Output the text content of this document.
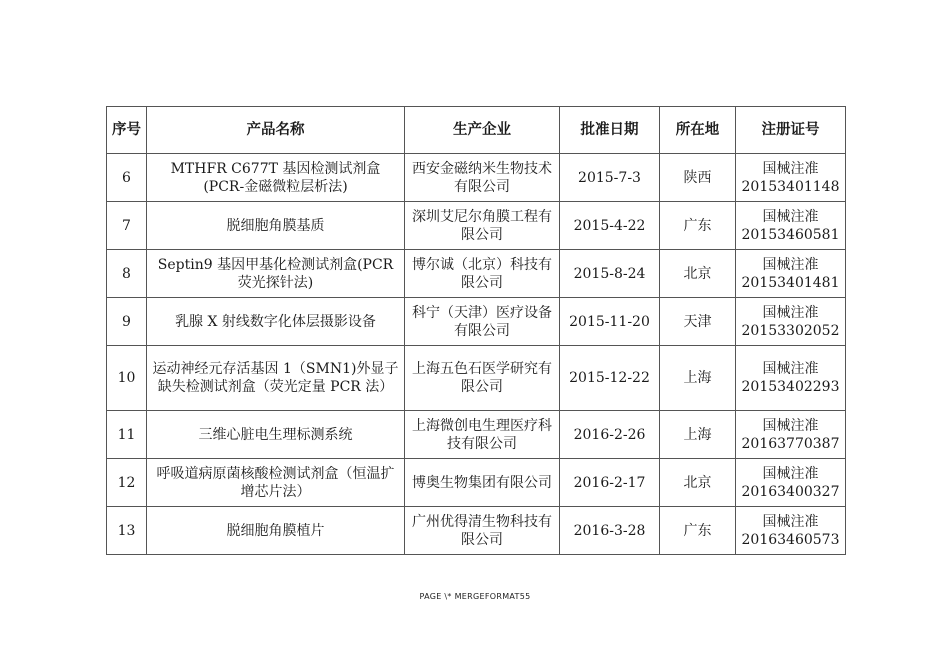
序号	产品名称	生产企业	批准日期	所在地	注册证号
6	MTHFR C677T 基因检测试剂盒(PCR-金磁微粒层析法)	西安金磁纳米生物技术有限公司	2015-7-3	陕西	国械注准 20153401148
7	脱细胞角膜基质	深圳艾尼尔角膜工程有限公司	2015-4-22	广东	国械注准 20153460581
8	Septin9 基因甲基化检测试剂盒(PCR 荧光探针法)	博尔诚（北京）科技有限公司	2015-8-24	北京	国械注准 20153401481
9	乳腺 X 射线数字化体层摄影设备	科宁（天津）医疗设备有限公司	2015-11-20	天津	国械注准 20153302052
10	运动神经元存活基因 1（SMN1)外显子缺失检测试剂盒（荧光定量 PCR 法）	上海五色石医学研究有限公司	2015-12-22	上海	国械注准 20153402293
11	三维心脏电生理标测系统	上海微创电生理医疗科技有限公司	2016-2-26	上海	国械注准 20163770387
12	呼吸道病原菌核酸检测试剂盒（恒温扩增芯片法）	博奥生物集团有限公司	2016-2-17	北京	国械注准 20163400327
13	脱细胞角膜植片	广州优得清生物科技有限公司	2016-3-28	广东	国械注准 20163460573
PAGE \* MERGEFORMAT55
